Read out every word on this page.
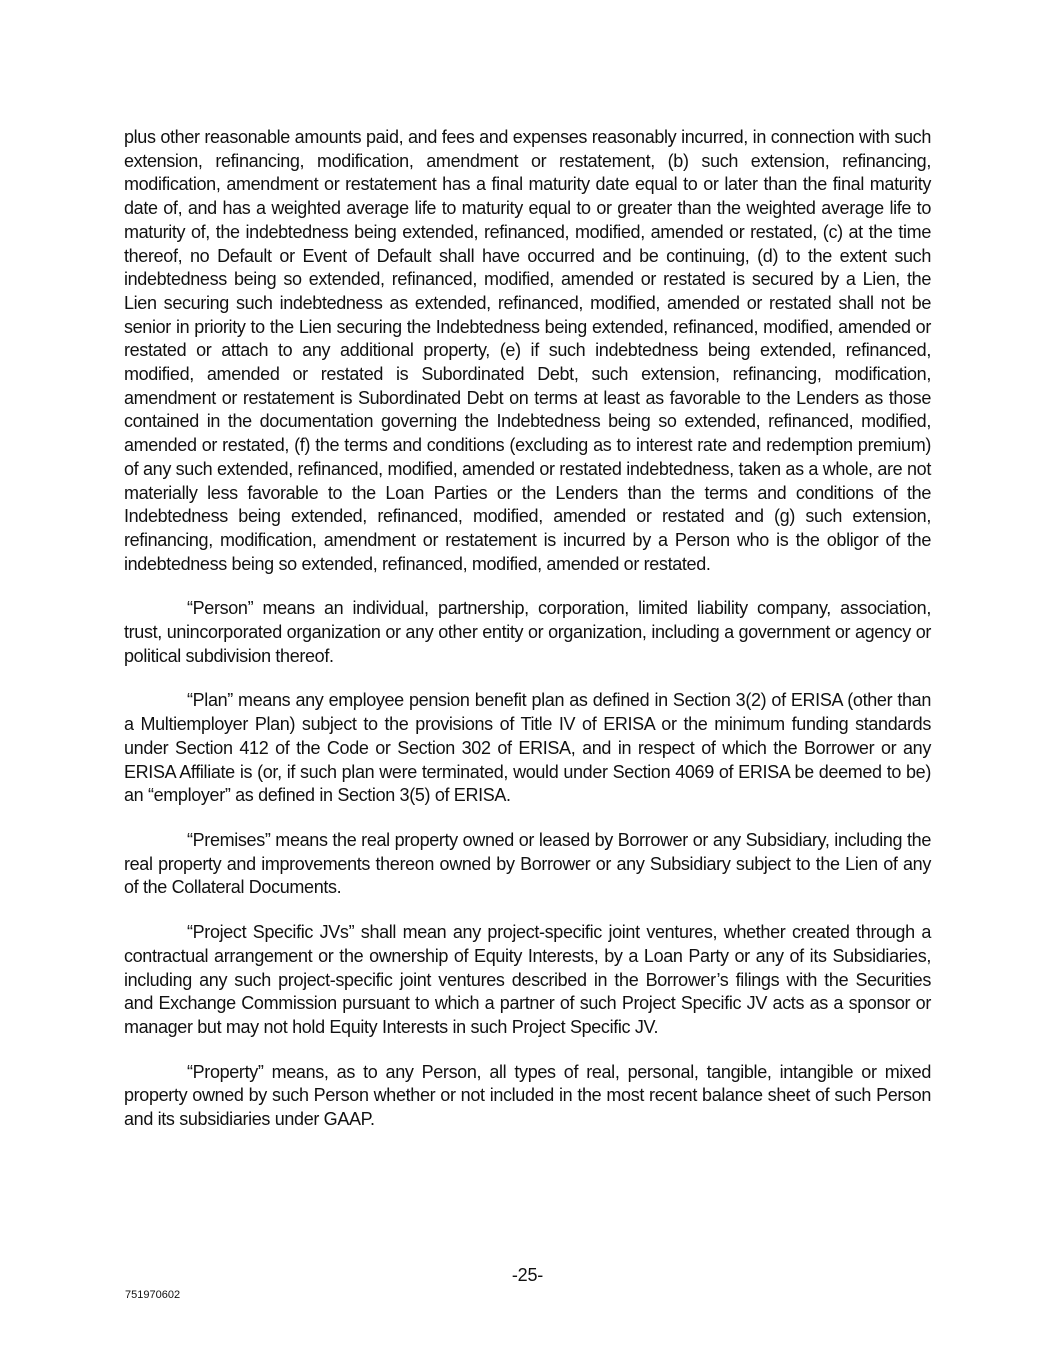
plus other reasonable amounts paid, and fees and expenses reasonably incurred, in connection with such extension, refinancing, modification, amendment or restatement, (b) such extension, refinancing, modification, amendment or restatement has a final maturity date equal to or later than the final maturity date of, and has a weighted average life to maturity equal to or greater than the weighted average life to maturity of, the indebtedness being extended, refinanced, modified, amended or restated, (c) at the time thereof, no Default or Event of Default shall have occurred and be continuing, (d) to the extent such indebtedness being so extended, refinanced, modified, amended or restated is secured by a Lien, the Lien securing such indebtedness as extended, refinanced, modified, amended or restated shall not be senior in priority to the Lien securing the Indebtedness being extended, refinanced, modified, amended or restated or attach to any additional property, (e) if such indebtedness being extended, refinanced, modified, amended or restated is Subordinated Debt, such extension, refinancing, modification, amendment or restatement is Subordinated Debt on terms at least as favorable to the Lenders as those contained in the documentation governing the Indebtedness being so extended, refinanced, modified, amended or restated, (f) the terms and conditions (excluding as to interest rate and redemption premium) of any such extended, refinanced, modified, amended or restated indebtedness, taken as a whole, are not materially less favorable to the Loan Parties or the Lenders than the terms and conditions of the Indebtedness being extended, refinanced, modified, amended or restated and (g) such extension, refinancing, modification, amendment or restatement is incurred by a Person who is the obligor of the indebtedness being so extended, refinanced, modified, amended or restated.

“Person” means an individual, partnership, corporation, limited liability company, association, trust, unincorporated organization or any other entity or organization, including a government or agency or political subdivision thereof.

“Plan” means any employee pension benefit plan as defined in Section 3(2) of ERISA (other than a Multiemployer Plan) subject to the provisions of Title IV of ERISA or the minimum funding standards under Section 412 of the Code or Section 302 of ERISA, and in respect of which the Borrower or any ERISA Affiliate is (or, if such plan were terminated, would under Section 4069 of ERISA be deemed to be) an “employer” as defined in Section 3(5) of ERISA.

“Premises” means the real property owned or leased by Borrower or any Subsidiary, including the real property and improvements thereon owned by Borrower or any Subsidiary subject to the Lien of any of the Collateral Documents.

“Project Specific JVs” shall mean any project-specific joint ventures, whether created through a contractual arrangement or the ownership of Equity Interests, by a Loan Party or any of its Subsidiaries, including any such project-specific joint ventures described in the Borrower’s filings with the Securities and Exchange Commission pursuant to which a partner of such Project Specific JV acts as a sponsor or manager but may not hold Equity Interests in such Project Specific JV.

“Property” means, as to any Person, all types of real, personal, tangible, intangible or mixed property owned by such Person whether or not included in the most recent balance sheet of such Person and its subsidiaries under GAAP.

-25-
751970602
